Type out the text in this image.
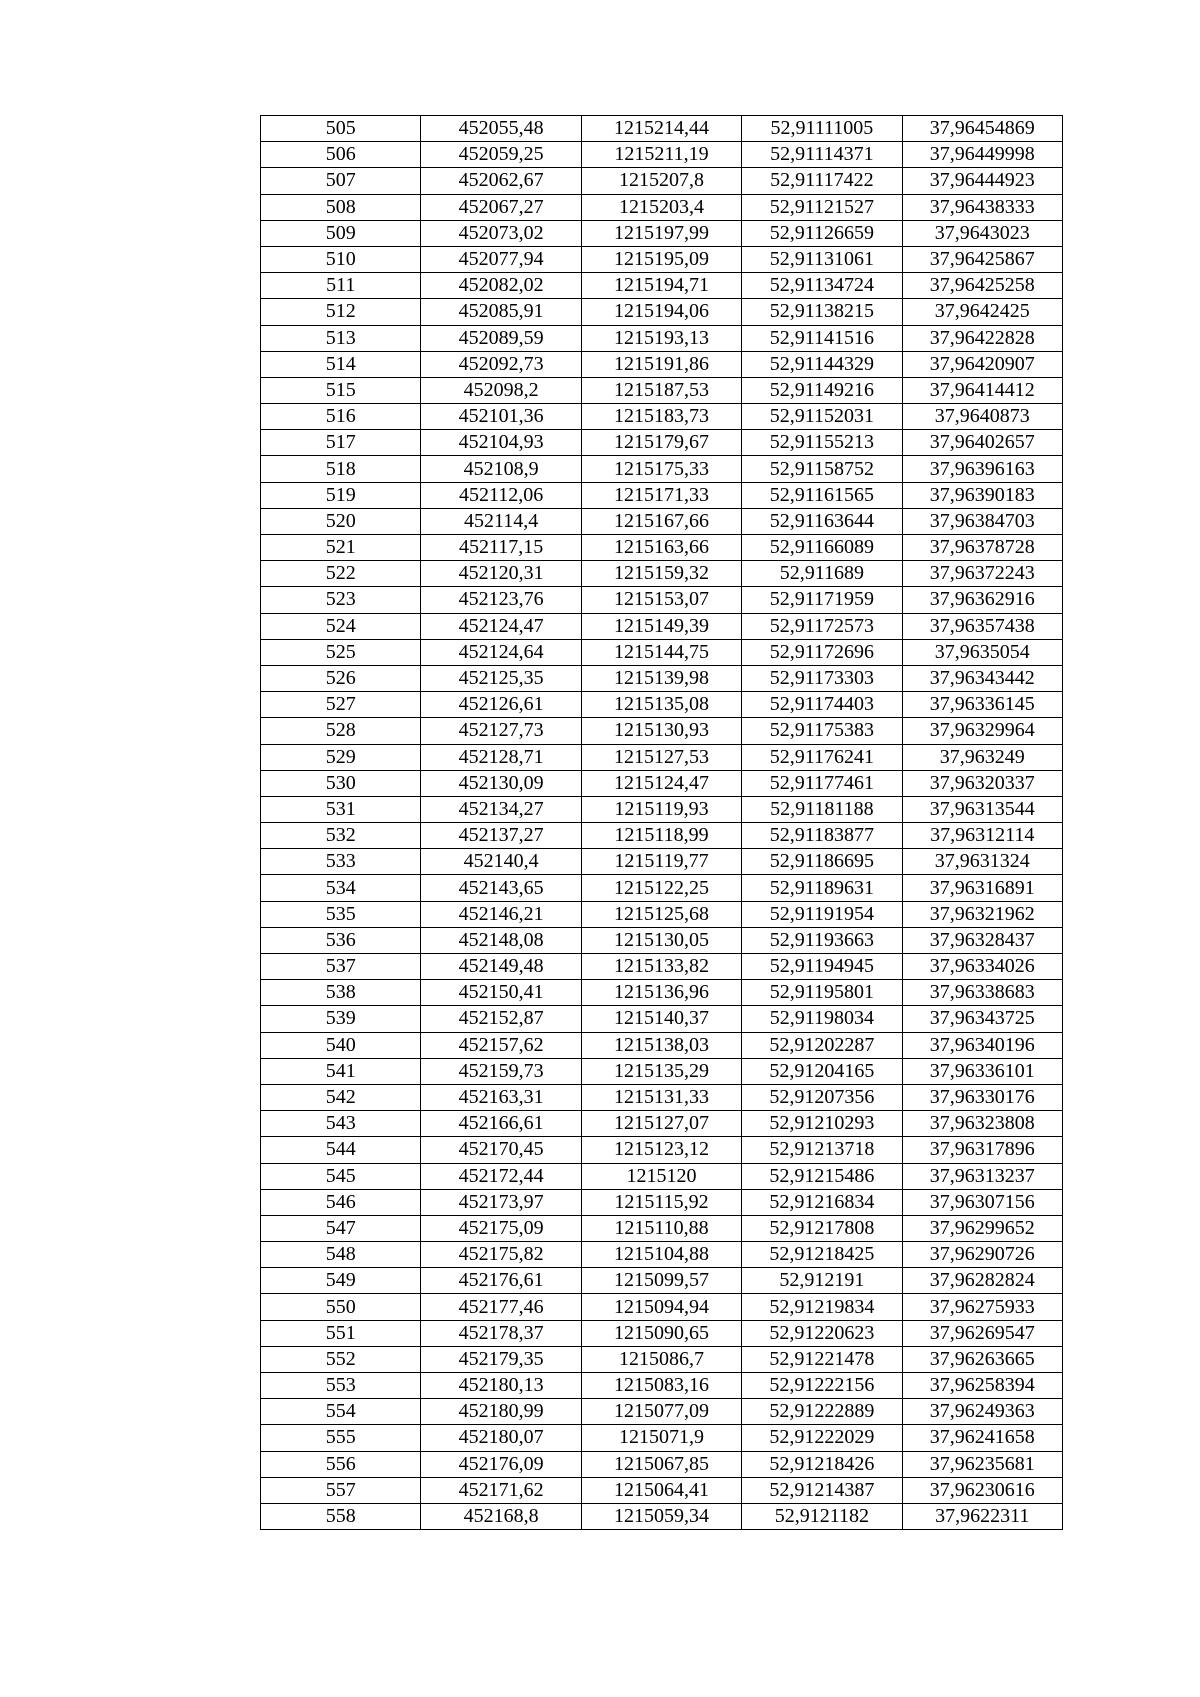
505	452055,48	1215214,44	52,91111005	37,96454869
506	452059,25	1215211,19	52,91114371	37,96449998
507	452062,67	1215207,8	52,91117422	37,96444923
508	452067,27	1215203,4	52,91121527	37,96438333
509	452073,02	1215197,99	52,91126659	37,9643023
510	452077,94	1215195,09	52,91131061	37,96425867
511	452082,02	1215194,71	52,91134724	37,96425258
512	452085,91	1215194,06	52,91138215	37,9642425
513	452089,59	1215193,13	52,91141516	37,96422828
514	452092,73	1215191,86	52,91144329	37,96420907
515	452098,2	1215187,53	52,91149216	37,96414412
516	452101,36	1215183,73	52,91152031	37,9640873
517	452104,93	1215179,67	52,91155213	37,96402657
518	452108,9	1215175,33	52,91158752	37,96396163
519	452112,06	1215171,33	52,91161565	37,96390183
520	452114,4	1215167,66	52,91163644	37,96384703
521	452117,15	1215163,66	52,91166089	37,96378728
522	452120,31	1215159,32	52,911689	37,96372243
523	452123,76	1215153,07	52,91171959	37,96362916
524	452124,47	1215149,39	52,91172573	37,96357438
525	452124,64	1215144,75	52,91172696	37,9635054
526	452125,35	1215139,98	52,91173303	37,96343442
527	452126,61	1215135,08	52,91174403	37,96336145
528	452127,73	1215130,93	52,91175383	37,96329964
529	452128,71	1215127,53	52,91176241	37,963249
530	452130,09	1215124,47	52,91177461	37,96320337
531	452134,27	1215119,93	52,91181188	37,96313544
532	452137,27	1215118,99	52,91183877	37,96312114
533	452140,4	1215119,77	52,91186695	37,9631324
534	452143,65	1215122,25	52,91189631	37,96316891
535	452146,21	1215125,68	52,91191954	37,96321962
536	452148,08	1215130,05	52,91193663	37,96328437
537	452149,48	1215133,82	52,91194945	37,96334026
538	452150,41	1215136,96	52,91195801	37,96338683
539	452152,87	1215140,37	52,91198034	37,96343725
540	452157,62	1215138,03	52,91202287	37,96340196
541	452159,73	1215135,29	52,91204165	37,96336101
542	452163,31	1215131,33	52,91207356	37,96330176
543	452166,61	1215127,07	52,91210293	37,96323808
544	452170,45	1215123,12	52,91213718	37,96317896
545	452172,44	1215120	52,91215486	37,96313237
546	452173,97	1215115,92	52,91216834	37,96307156
547	452175,09	1215110,88	52,91217808	37,96299652
548	452175,82	1215104,88	52,91218425	37,96290726
549	452176,61	1215099,57	52,912191	37,96282824
550	452177,46	1215094,94	52,91219834	37,96275933
551	452178,37	1215090,65	52,91220623	37,96269547
552	452179,35	1215086,7	52,91221478	37,96263665
553	452180,13	1215083,16	52,91222156	37,96258394
554	452180,99	1215077,09	52,91222889	37,96249363
555	452180,07	1215071,9	52,91222029	37,96241658
556	452176,09	1215067,85	52,91218426	37,96235681
557	452171,62	1215064,41	52,91214387	37,96230616
558	452168,8	1215059,34	52,9121182	37,9622311
